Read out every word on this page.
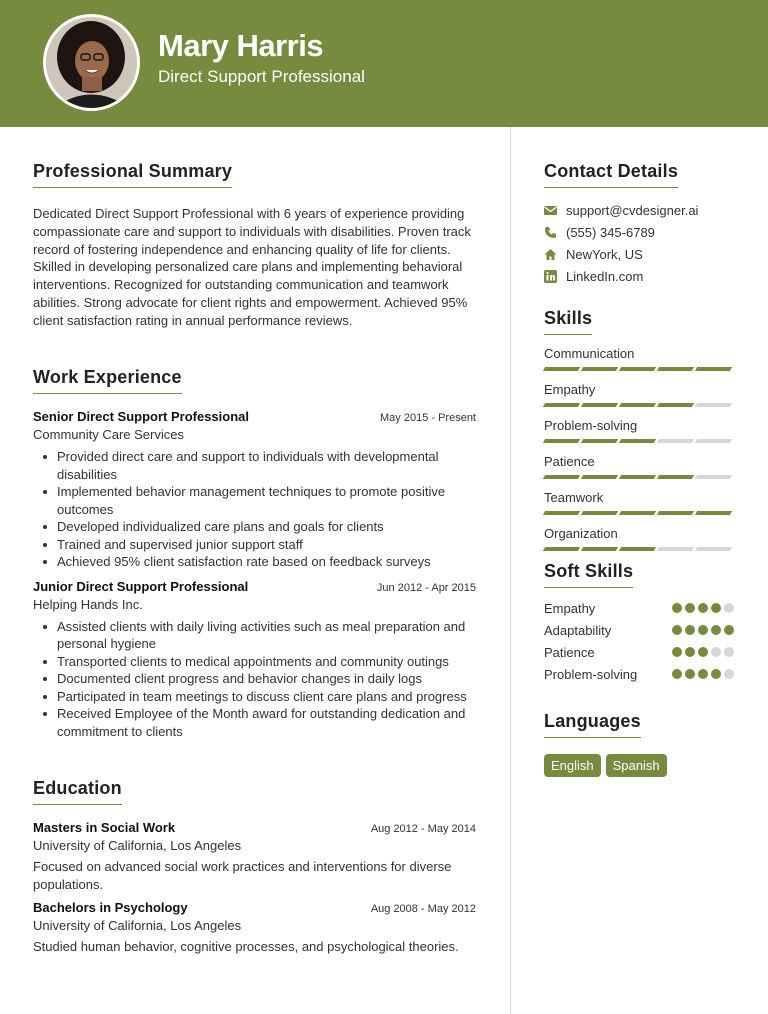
Mary Harris
Direct Support Professional
Professional Summary

Dedicated Direct Support Professional with 6 years of experience providing compassionate care and support to individuals with disabilities. Proven track record of fostering independence and enhancing quality of life for clients. Skilled in developing personalized care plans and implementing behavioral interventions. Recognized for outstanding communication and teamwork abilities. Strong advocate for client rights and empowerment. Achieved 95% client satisfaction rating in annual performance reviews.

Work Experience
Senior Direct Support Professional	May 2015 - Present
Community Care Services
Provided direct care and support to individuals with developmental disabilities
Implemented behavior management techniques to promote positive outcomes
Developed individualized care plans and goals for clients
Trained and supervised junior support staff
Achieved 95% client satisfaction rate based on feedback surveys
Junior Direct Support Professional	Jun 2012 - Apr 2015
Helping Hands Inc.
Assisted clients with daily living activities such as meal preparation and personal hygiene
Transported clients to medical appointments and community outings
Documented client progress and behavior changes in daily logs
Participated in team meetings to discuss client care plans and progress
Received Employee of the Month award for outstanding dedication and commitment to clients
Education
Masters in Social Work	Aug 2012 - May 2014
University of California, Los Angeles

Focused on advanced social work practices and interventions for diverse populations.

Bachelors in Psychology	Aug 2008 - May 2012
University of California, Los Angeles

Studied human behavior, cognitive processes, and psychological theories.

Contact Details
support@cvdesigner.ai
(555) 345-6789
NewYork, US
LinkedIn.com
Skills
Communication
Empathy
Problem-solving
Patience
Teamwork
Organization
Soft Skills
Empathy
Adaptability
Patience
Problem-solving
Languages
English	Spanish
